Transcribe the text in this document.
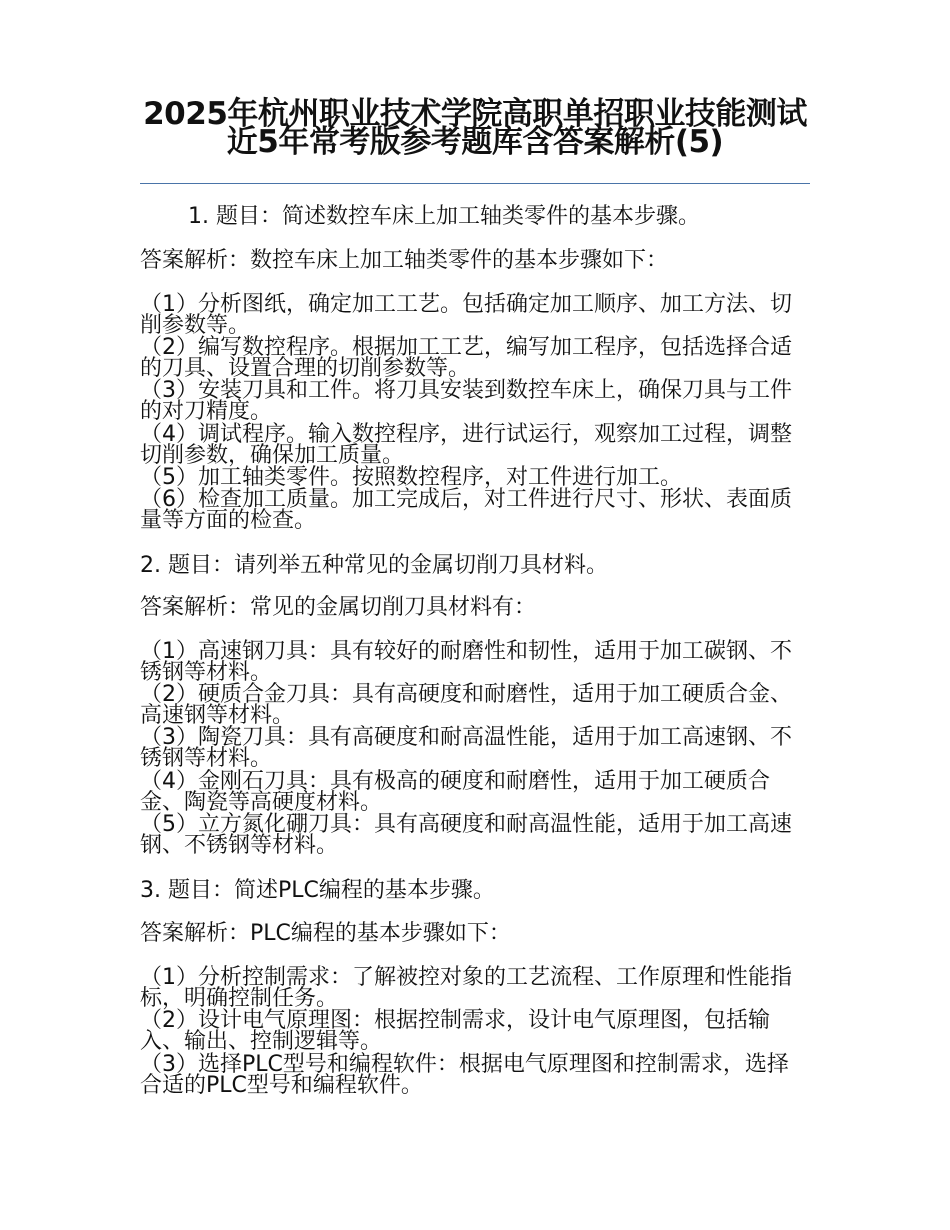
2025年杭州职业技术学院高职单招职业技能测试近5年常考版参考题库含答案解析(5)
1. 题目：简述数控车床上加工轴类零件的基本步骤。
答案解析：数控车床上加工轴类零件的基本步骤如下：
（1）分析图纸，确定加工工艺。包括确定加工顺序、加工方法、切削参数等。
（2）编写数控程序。根据加工工艺，编写加工程序，包括选择合适的刀具、设置合理的切削参数等。
（3）安装刀具和工件。将刀具安装到数控车床上，确保刀具与工件的对刀精度。
（4）调试程序。输入数控程序，进行试运行，观察加工过程，调整切削参数，确保加工质量。
（5）加工轴类零件。按照数控程序，对工件进行加工。
（6）检查加工质量。加工完成后，对工件进行尺寸、形状、表面质量等方面的检查。
2. 题目：请列举五种常见的金属切削刀具材料。
答案解析：常见的金属切削刀具材料有：
（1）高速钢刀具：具有较好的耐磨性和韧性，适用于加工碳钢、不锈钢等材料。
（2）硬质合金刀具：具有高硬度和耐磨性，适用于加工硬质合金、高速钢等材料。
（3）陶瓷刀具：具有高硬度和耐高温性能，适用于加工高速钢、不锈钢等材料。
（4）金刚石刀具：具有极高的硬度和耐磨性，适用于加工硬质合金、陶瓷等高硬度材料。
（5）立方氮化硼刀具：具有高硬度和耐高温性能，适用于加工高速钢、不锈钢等材料。
3. 题目：简述PLC编程的基本步骤。
答案解析：PLC编程的基本步骤如下：
（1）分析控制需求：了解被控对象的工艺流程、工作原理和性能指标，明确控制任务。
（2）设计电气原理图：根据控制需求，设计电气原理图，包括输入、输出、控制逻辑等。
（3）选择PLC型号和编程软件：根据电气原理图和控制需求，选择合适的PLC型号和编程软件。
